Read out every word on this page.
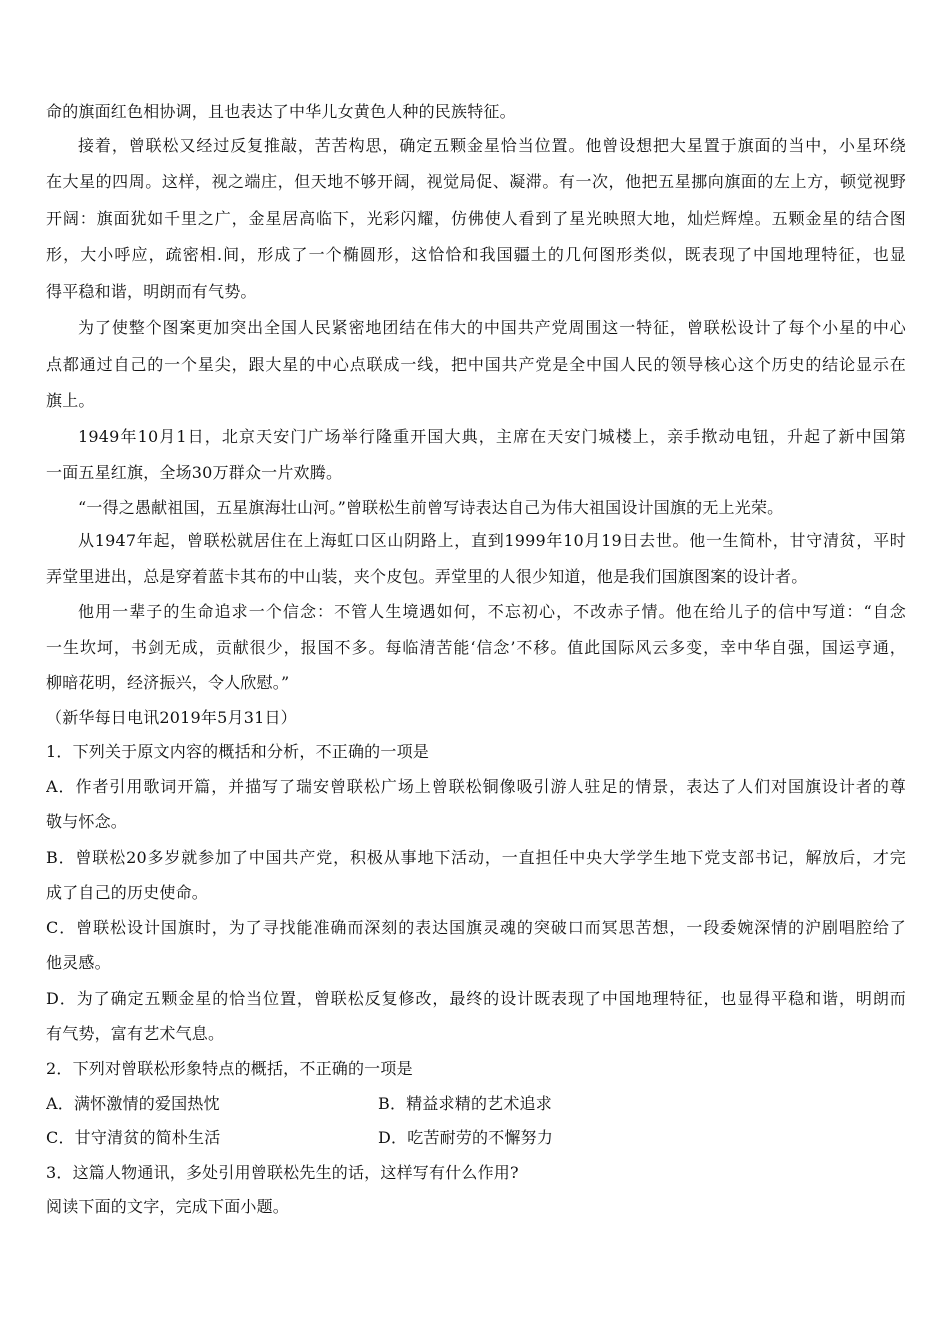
命的旗面红色相协调，且也表达了中华儿女黄色人种的民族特征。
接着，曾联松又经过反复推敲，苦苦构思，确定五颗金星恰当位置。他曾设想把大星置于旗面的当中，小星环绕
在大星的四周。这样，视之端庄，但天地不够开阔，视觉局促、凝滞。有一次，他把五星挪向旗面的左上方，顿觉视野
开阔：旗面犹如千里之广，金星居高临下，光彩闪耀，仿佛使人看到了星光映照大地，灿烂辉煌。五颗金星的结合图
形，大小呼应，疏密相.间，形成了一个椭圆形，这恰恰和我国疆土的几何图形类似，既表现了中国地理特征，也显
得平稳和谐，明朗而有气势。
为了使整个图案更加突出全国人民紧密地团结在伟大的中国共产党周围这一特征，曾联松设计了每个小星的中心
点都通过自己的一个星尖，跟大星的中心点联成一线，把中国共产党是全中国人民的领导核心这个历史的结论显示在
旗上。
1949年10月1日，北京天安门广场举行隆重开国大典，主席在天安门城楼上，亲手揿动电钮，升起了新中国第
一面五星红旗，全场30万群众一片欢腾。
“一得之愚献祖国，五星旗海壮山河。”曾联松生前曾写诗表达自己为伟大祖国设计国旗的无上光荣。
从1947年起，曾联松就居住在上海虹口区山阴路上，直到1999年10月19日去世。他一生简朴，甘守清贫，平时
弄堂里进出，总是穿着蓝卡其布的中山装，夹个皮包。弄堂里的人很少知道，他是我们国旗图案的设计者。
他用一辈子的生命追求一个信念：不管人生境遇如何，不忘初心，不改赤子情。他在给儿子的信中写道：“自念
一生坎坷，书剑无成，贡献很少，报国不多。每临清苦能‘信念’不移。值此国际风云多变，幸中华自强，国运亨通，
柳暗花明，经济振兴，令人欣慰。”
（新华每日电讯2019年5月31日）
1．下列关于原文内容的概括和分析，不正确的一项是
A．作者引用歌词开篇，并描写了瑞安曾联松广场上曾联松铜像吸引游人驻足的情景，表达了人们对国旗设计者的尊
敬与怀念。
B．曾联松20多岁就参加了中国共产党，积极从事地下活动，一直担任中央大学学生地下党支部书记，解放后，才完
成了自己的历史使命。
C．曾联松设计国旗时，为了寻找能准确而深刻的表达国旗灵魂的突破口而冥思苦想，一段委婉深情的沪剧唱腔给了
他灵感。
D．为了确定五颗金星的恰当位置，曾联松反复修改，最终的设计既表现了中国地理特征，也显得平稳和谐，明朗而
有气势，富有艺术气息。
2．下列对曾联松形象特点的概括，不正确的一项是
A．满怀激情的爱国热忱	B．精益求精的艺术追求
C．甘守清贫的简朴生活	D．吃苦耐劳的不懈努力
3．这篇人物通讯，多处引用曾联松先生的话，这样写有什么作用?
阅读下面的文字，完成下面小题。
